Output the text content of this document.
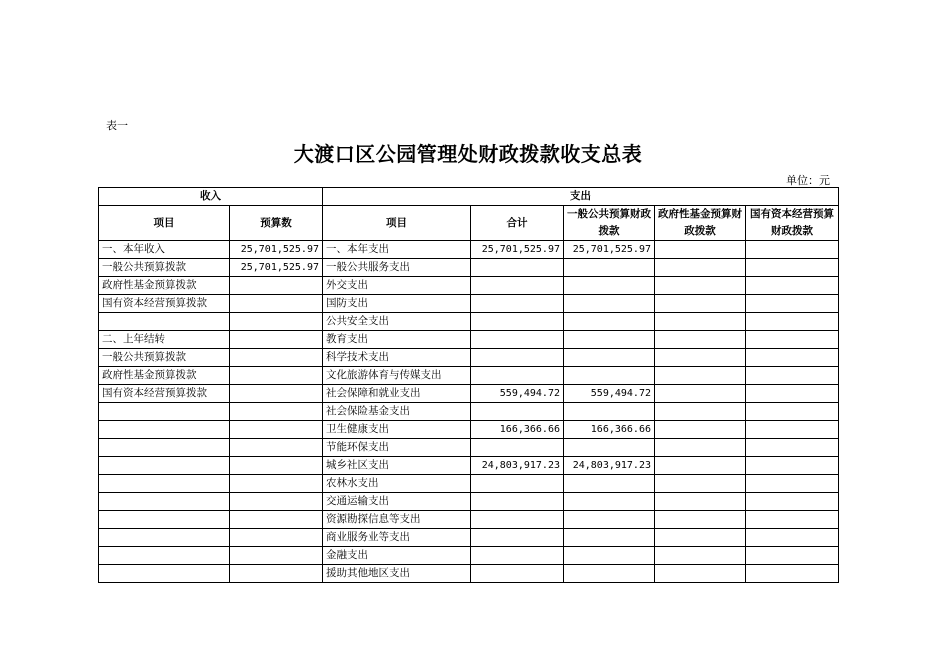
表一
大渡口区公园管理处财政拨款收支总表
单位：元
收入		支出				
项目	预算数	项目	合计	一般公共预算财政拨款	政府性基金预算财政拨款	国有资本经营预算财政拨款
一、本年收入	25,701,525.97	一、本年支出	25,701,525.97	25,701,525.97		
一般公共预算拨款	25,701,525.97	一般公共服务支出				
政府性基金预算拨款		外交支出				
国有资本经营预算拨款		国防支出				
		公共安全支出				
二、上年结转		教育支出				
一般公共预算拨款		科学技术支出				
政府性基金预算拨款		文化旅游体育与传媒支出				
国有资本经营预算拨款		社会保障和就业支出	559,494.72	559,494.72		
		社会保险基金支出				
		卫生健康支出	166,366.66	166,366.66		
		节能环保支出				
		城乡社区支出	24,803,917.23	24,803,917.23		
		农林水支出				
		交通运输支出				
		资源勘探信息等支出				
		商业服务业等支出				
		金融支出				
		援助其他地区支出				
